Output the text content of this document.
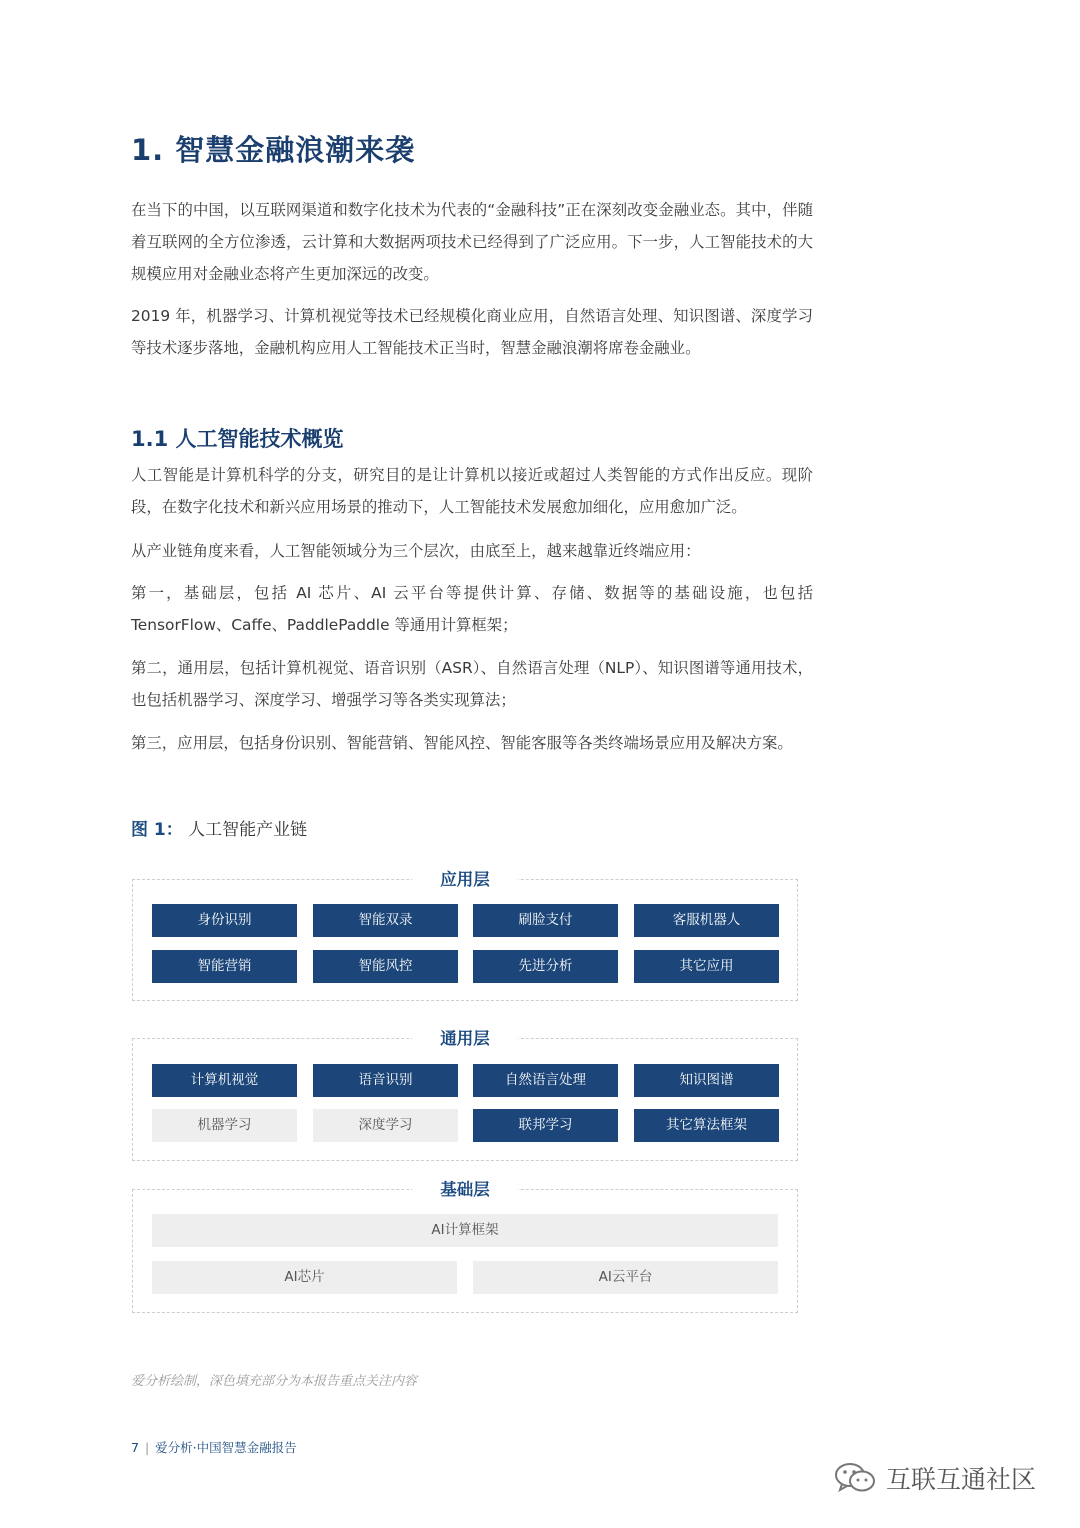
1. 智慧金融浪潮来袭

在当下的中国，以互联网渠道和数字化技术为代表的“金融科技”正在深刻改变金融业态。其中，伴随着互联网的全方位渗透，云计算和大数据两项技术已经得到了广泛应用。下一步，人工智能技术的大规模应用对金融业态将产生更加深远的改变。

2019 年，机器学习、计算机视觉等技术已经规模化商业应用，自然语言处理、知识图谱、深度学习等技术逐步落地，金融机构应用人工智能技术正当时，智慧金融浪潮将席卷金融业。

1.1 人工智能技术概览

人工智能是计算机科学的分支，研究目的是让计算机以接近或超过人类智能的方式作出反应。现阶段，在数字化技术和新兴应用场景的推动下，人工智能技术发展愈加细化，应用愈加广泛。

从产业链角度来看，人工智能领域分为三个层次，由底至上，越来越靠近终端应用：

第一，基础层，包括 AI 芯片、AI 云平台等提供计算、存储、数据等的基础设施，也包括TensorFlow、Caffe、PaddlePaddle 等通用计算框架；

第二，通用层，包括计算机视觉、语音识别（ASR）、自然语言处理（NLP）、知识图谱等通用技术，也包括机器学习、深度学习、增强学习等各类实现算法；

第三，应用层，包括身份识别、智能营销、智能风控、智能客服等各类终端场景应用及解决方案。

图 1： 人工智能产业链
应用层
身份识别	智能双录	刷脸支付	客服机器人
智能营销	智能风控	先进分析	其它应用
通用层
计算机视觉	语音识别	自然语言处理	知识图谱
机器学习	深度学习	联邦学习	其它算法框架
基础层
AI计算框架
AI芯片	AI云平台
爱分析绘制，深色填充部分为本报告重点关注内容
7 | 爱分析·中国智慧金融报告
互联互通社区
